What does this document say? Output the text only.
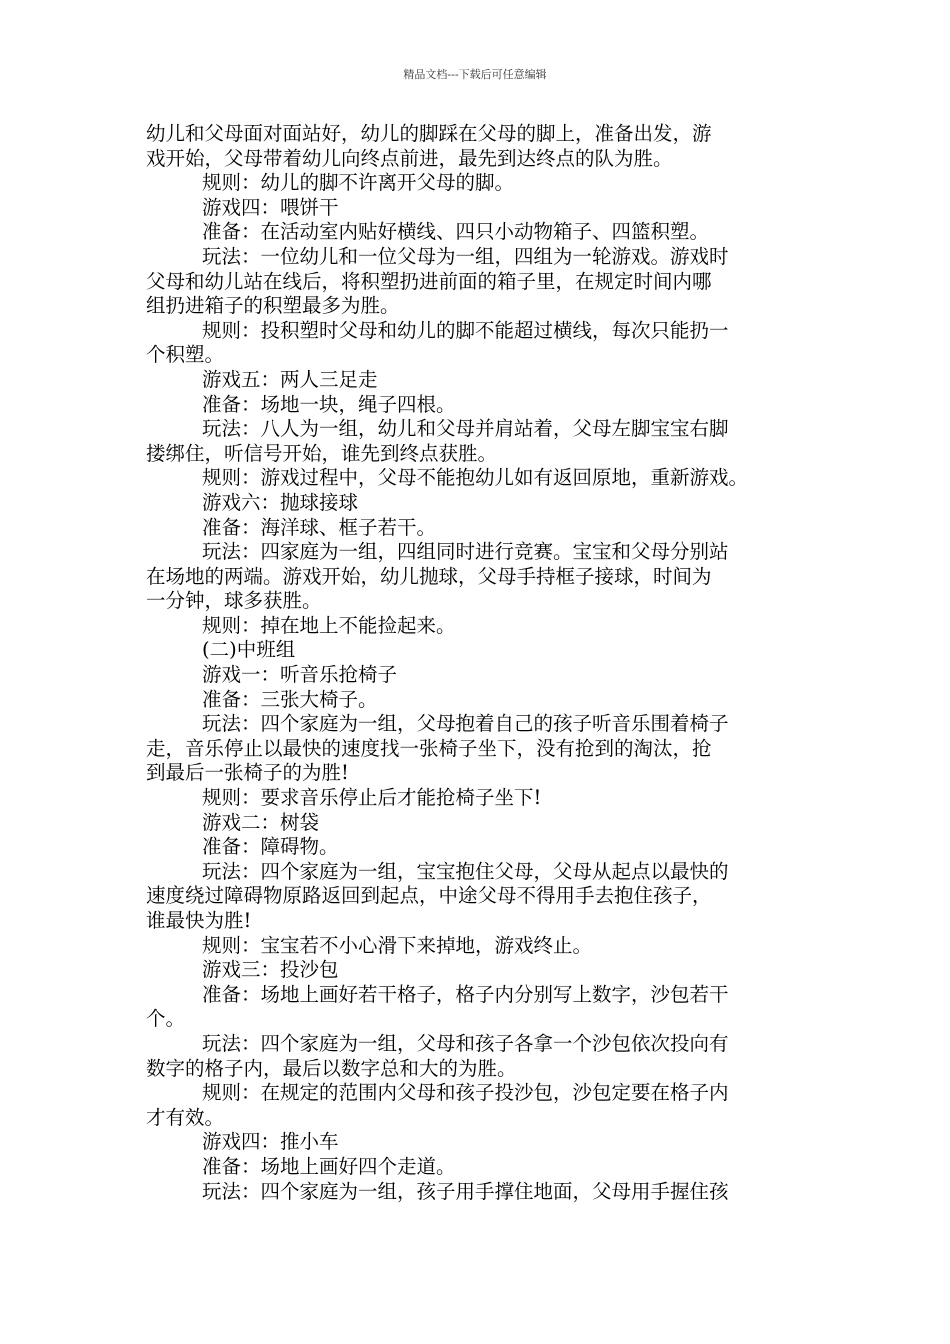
精品文档---下载后可任意编辑

幼儿和父母面对面站好，幼儿的脚踩在父母的脚上，准备出发，游

戏开始，父母带着幼儿向终点前进，最先到达终点的队为胜。

规则：幼儿的脚不许离开父母的脚。

游戏四：喂饼干

准备：在活动室内贴好横线、四只小动物箱子、四篮积塑。

玩法：一位幼儿和一位父母为一组，四组为一轮游戏。游戏时

父母和幼儿站在线后，将积塑扔进前面的箱子里，在规定时间内哪

组扔进箱子的积塑最多为胜。

规则：投积塑时父母和幼儿的脚不能超过横线，每次只能扔一

个积塑。

游戏五：两人三足走

准备：场地一块，绳子四根。

玩法：八人为一组，幼儿和父母并肩站着，父母左脚宝宝右脚

搂绑住，听信号开始，谁先到终点获胜。

规则：游戏过程中，父母不能抱幼儿如有返回原地，重新游戏。

游戏六：抛球接球

准备：海洋球、框子若干。

玩法：四家庭为一组，四组同时进行竞赛。宝宝和父母分别站

在场地的两端。游戏开始，幼儿抛球，父母手持框子接球，时间为

一分钟，球多获胜。

规则：掉在地上不能捡起来。

(二)中班组

游戏一：听音乐抢椅子

准备：三张大椅子。

玩法：四个家庭为一组，父母抱着自己的孩子听音乐围着椅子

走，音乐停止以最快的速度找一张椅子坐下，没有抢到的淘汰，抢

到最后一张椅子的为胜!

规则：要求音乐停止后才能抢椅子坐下!

游戏二：树袋

准备：障碍物。

玩法：四个家庭为一组，宝宝抱住父母，父母从起点以最快的

速度绕过障碍物原路返回到起点，中途父母不得用手去抱住孩子，

谁最快为胜!

规则：宝宝若不小心滑下来掉地，游戏终止。

游戏三：投沙包

准备：场地上画好若干格子，格子内分别写上数字，沙包若干

个。

玩法：四个家庭为一组，父母和孩子各拿一个沙包依次投向有

数字的格子内，最后以数字总和大的为胜。

规则：在规定的范围内父母和孩子投沙包，沙包定要在格子内

才有效。

游戏四：推小车

准备：场地上画好四个走道。

玩法：四个家庭为一组，孩子用手撑住地面，父母用手握住孩
